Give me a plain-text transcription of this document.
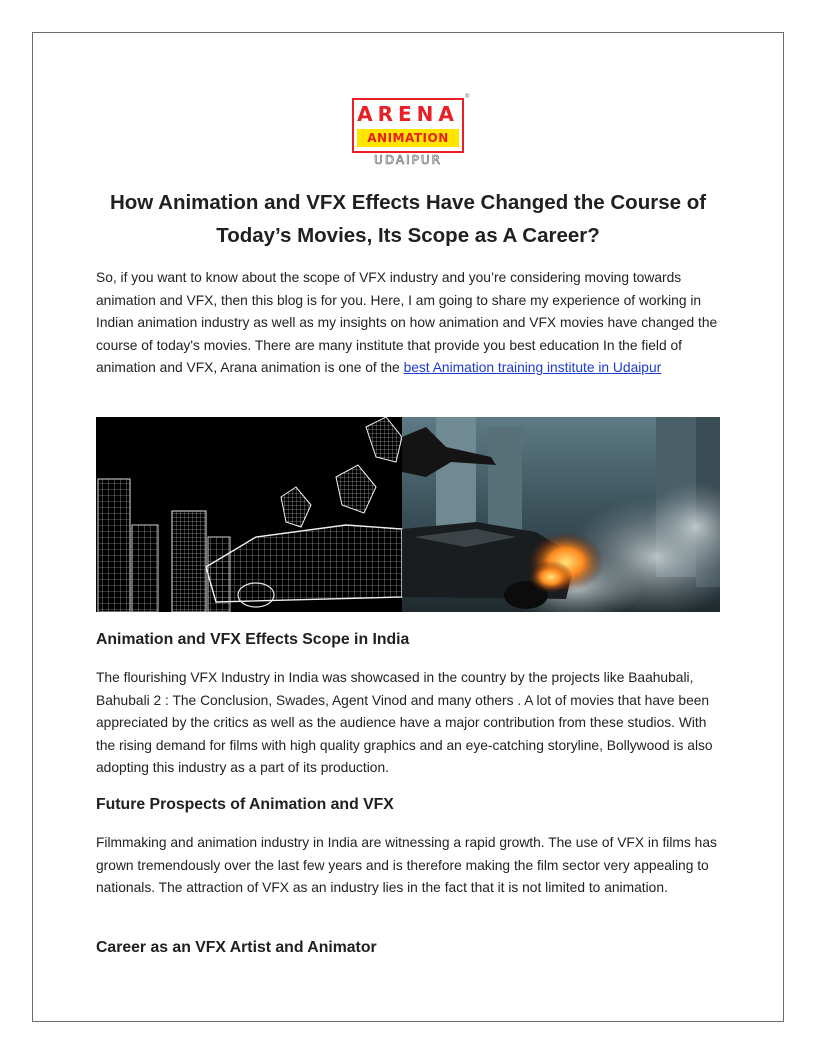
ARENA
ANIMATION
UDAIPUR
®
How Animation and VFX Effects Have Changed the Course of Today’s Movies, Its Scope as A Career?

So, if you want to know about the scope of VFX industry and you’re considering moving towards animation and VFX, then this blog is for you. Here, I am going to share my experience of working in Indian animation industry as well as my insights on how animation and VFX movies have changed the course of today's movies. There are many institute that provide you best education In the field of animation and VFX, Arana animation is one of the best Animation training institute in Udaipur

Animation and VFX Effects Scope in India

The flourishing VFX Industry in India was showcased in the country by the projects like Baahubali, Bahubali 2 : The Conclusion, Swades, Agent Vinod and many others . A lot of movies that have been appreciated by the critics as well as the audience have a major contribution from these studios. With the rising demand for films with high quality graphics and an eye-catching storyline, Bollywood is also adopting this industry as a part of its production.

Future Prospects of Animation and VFX

Filmmaking and animation industry in India are witnessing a rapid growth. The use of VFX in films has grown tremendously over the last few years and is therefore making the film sector very appealing to nationals. The attraction of VFX as an industry lies in the fact that it is not limited to animation.

Career as an VFX Artist and Animator
